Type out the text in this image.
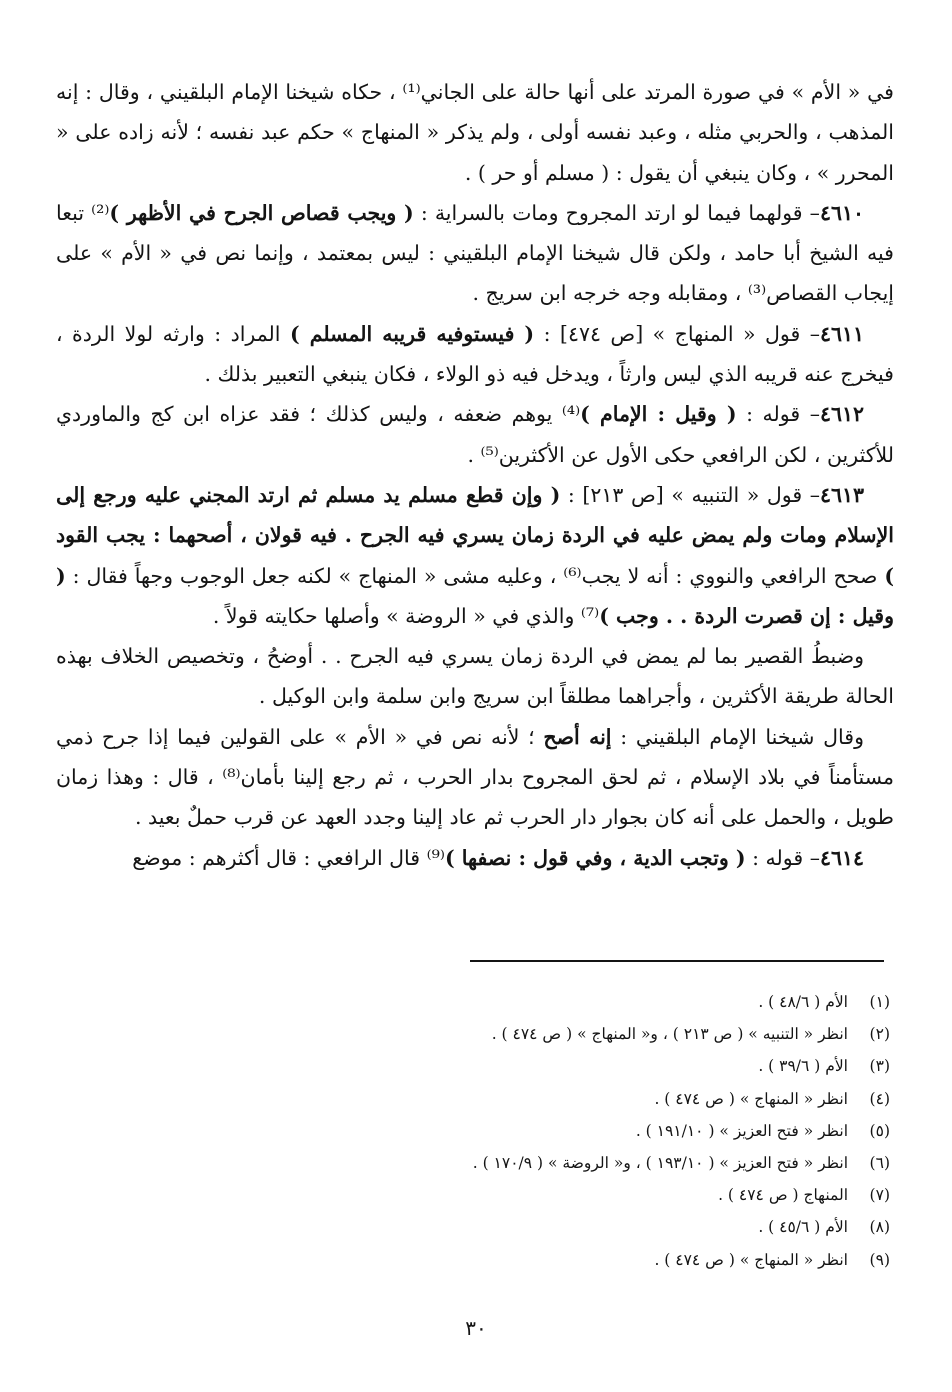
في « الأم » في صورة المرتد على أنها حالة على الجاني⁽¹⁾ ، حكاه شيخنا الإمام البلقيني ، وقال : إنه المذهب ، والحربي مثله ، وعبد نفسه أولى ، ولم يذكر « المنهاج » حكم عبد نفسه ؛ لأنه زاده على « المحرر » ، وكان ينبغي أن يقول : ( مسلم أو حر ) .

٤٦١٠– قولهما فيما لو ارتد المجروح ومات بالسراية : ( ويجب قصاص الجرح في الأظهر )⁽²⁾ تبعا فيه الشيخ أبا حامد ، ولكن قال شيخنا الإمام البلقيني : ليس بمعتمد ، وإنما نص في « الأم » على إيجاب القصاص⁽³⁾ ، ومقابله وجه خرجه ابن سريج .

٤٦١١– قول « المنهاج » [ص ٤٧٤] : ( فيستوفيه قريبه المسلم ) المراد : وارثه لولا الردة ، فيخرج عنه قريبه الذي ليس وارثاً ، ويدخل فيه ذو الولاء ، فكان ينبغي التعبير بذلك .

٤٦١٢– قوله : ( وقيل : الإمام )⁽⁴⁾ يوهم ضعفه ، وليس كذلك ؛ فقد عزاه ابن كج والماوردي للأكثرين ، لكن الرافعي حكى الأول عن الأكثرين⁽⁵⁾ .

٤٦١٣– قول « التنبيه » [ص ٢١٣] : ( وإن قطع مسلم يد مسلم ثم ارتد المجني عليه ورجع إلى الإسلام ومات ولم يمض عليه في الردة زمان يسري فيه الجرح . فيه قولان ، أصحهما : يجب القود ) صحح الرافعي والنووي : أنه لا يجب⁽⁶⁾ ، وعليه مشى « المنهاج » لكنه جعل الوجوب وجهاً فقال : ( وقيل : إن قصرت الردة . . وجب )⁽⁷⁾ والذي في « الروضة » وأصلها حكايته قولاً .

وضبطُ القصير بما لم يمض في الردة زمان يسري فيه الجرح . . أوضحُ ، وتخصيص الخلاف بهذه الحالة طريقة الأكثرين ، وأجراهما مطلقاً ابن سريج وابن سلمة وابن الوكيل .

وقال شيخنا الإمام البلقيني : إنه أصح ؛ لأنه نص في « الأم » على القولين فيما إذا جرح ذمي مستأمناً في بلاد الإسلام ، ثم لحق المجروح بدار الحرب ، ثم رجع إلينا بأمان⁽⁸⁾ ، قال : وهذا زمان طويل ، والحمل على أنه كان بجوار دار الحرب ثم عاد إلينا وجدد العهد عن قرب حملٌ بعيد .

٤٦١٤– قوله : ( وتجب الدية ، وفي قول : نصفها )⁽⁹⁾ قال الرافعي : قال أكثرهم : موضع

(١)
الأم ( ٤٨/٦ ) .
(٢)
انظر « التنبيه » ( ص ٢١٣ ) ، و« المنهاج » ( ص ٤٧٤ ) .
(٣)
الأم ( ٣٩/٦ ) .
(٤)
انظر « المنهاج » ( ص ٤٧٤ ) .
(٥)
انظر « فتح العزيز » ( ١٩١/١٠ ) .
(٦)
انظر « فتح العزيز » ( ١٩٣/١٠ ) ، و« الروضة » ( ١٧٠/٩ ) .
(٧)
المنهاج ( ص ٤٧٤ ) .
(٨)
الأم ( ٤٥/٦ ) .
(٩)
انظر « المنهاج » ( ص ٤٧٤ ) .
٣٠
